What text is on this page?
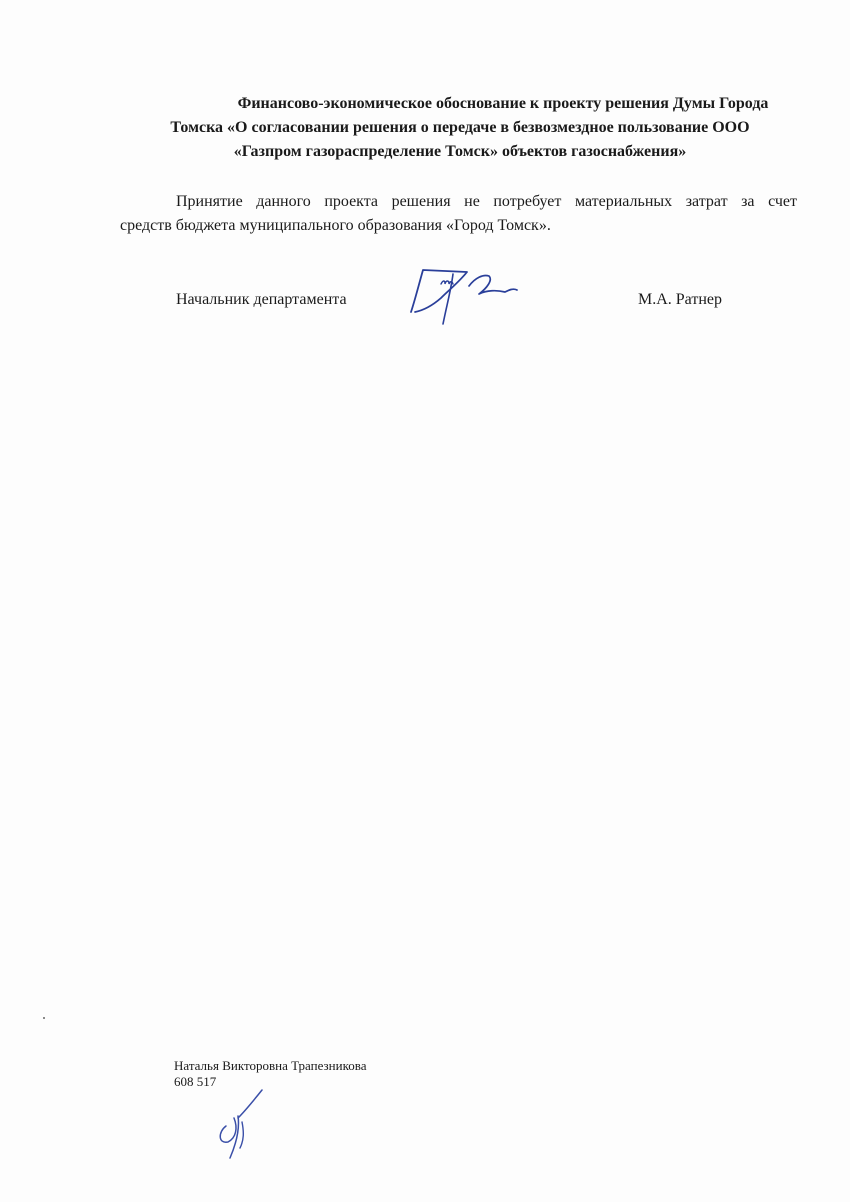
Финансово-экономическое обоснование к проекту решения Думы Города
Томска «О согласовании решения о передаче в безвозмездное пользование ООО
«Газпром газораспределение Томск» объектов газоснабжения»
Принятие данного проекта решения не потребует материальных затрат за счет
средств бюджета муниципального образования «Город Томск».
Начальник департамента	М.А. Ратнер
Наталья Викторовна Трапезникова
608 517
